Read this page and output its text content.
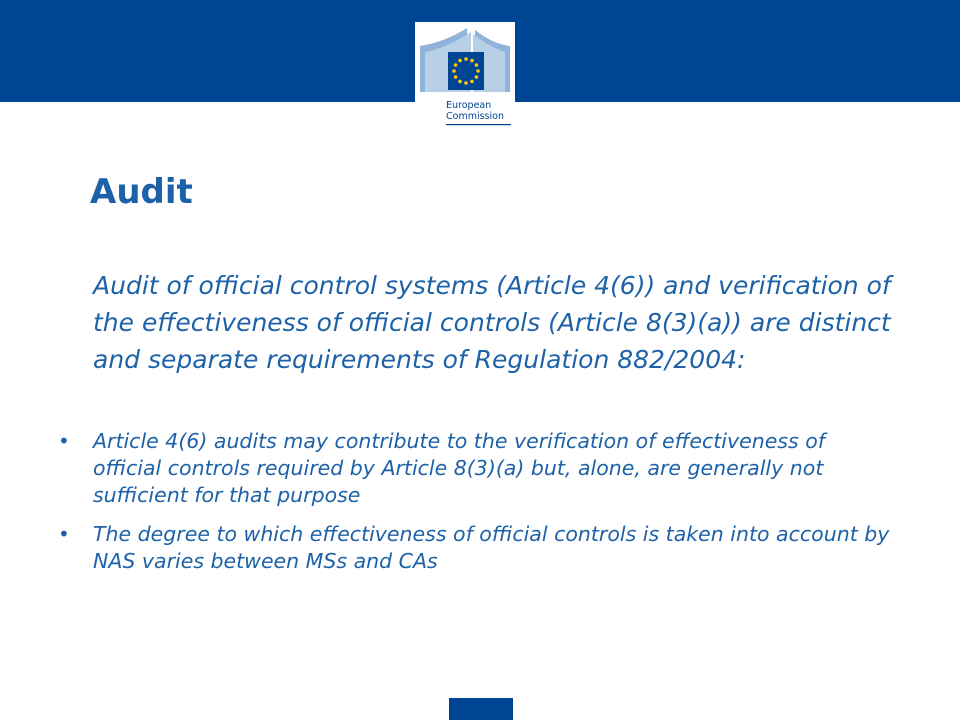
European
Commission
Audit

Audit of official control systems (Article 4(6)) and verification of the effectiveness of official controls (Article 8(3)(a)) are distinct and separate requirements of Regulation 882/2004:

• Article 4(6) audits may contribute to the verification of effectiveness of official controls required by Article 8(3)(a) but, alone, are generally not sufficient for that purpose
• The degree to which effectiveness of official controls is taken into account by NAS varies between MSs and CAs
